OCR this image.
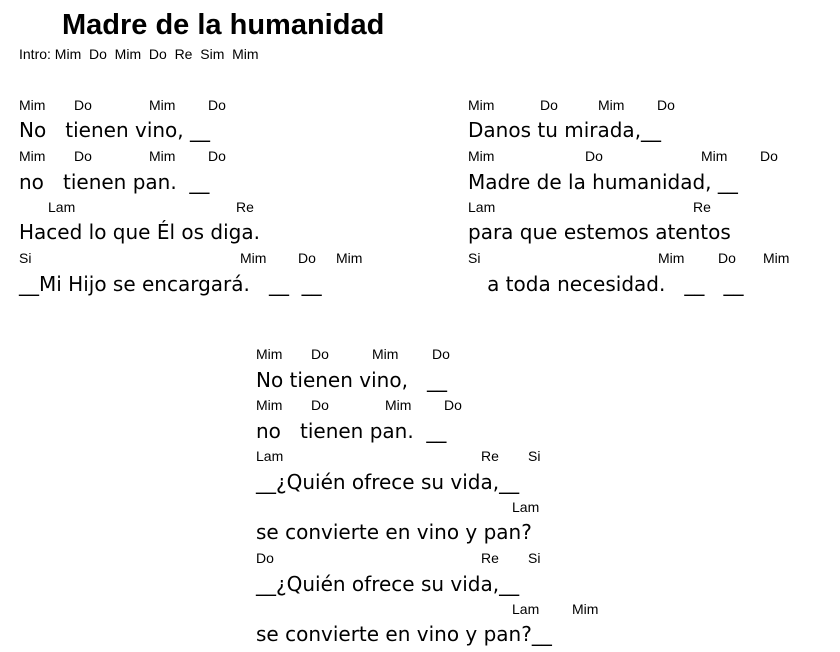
Madre de la humanidad
Intro: Mim  Do  Mim  Do  Re  Sim  Mim
Mim Do	Mim Do
No   tienen vino, __
Mim Do	Mim Do
no   tienen pan.  __
Lam	Re
Haced lo que Él os diga.
Si	Mim Do Mim
__Mi Hijo se encargará.   __  __
Mim	Do	Mim Do
Danos tu mirada,__
Mim	Do	Mim Do
Madre de la humanidad, __
Lam	Re
para que estemos atentos
Si	Mim Do Mim
a toda necesidad.   __   __
Mim Do	Mim Do
No tienen vino,   __
Mim Do	Mim Do
no   tienen pan.  __
Lam	Re Si
__¿Quién ofrece su vida,__
Lam
se convierte en vino y pan?
Do	Re Si
__¿Quién ofrece su vida,__
Lam Mim
se convierte en vino y pan?__
